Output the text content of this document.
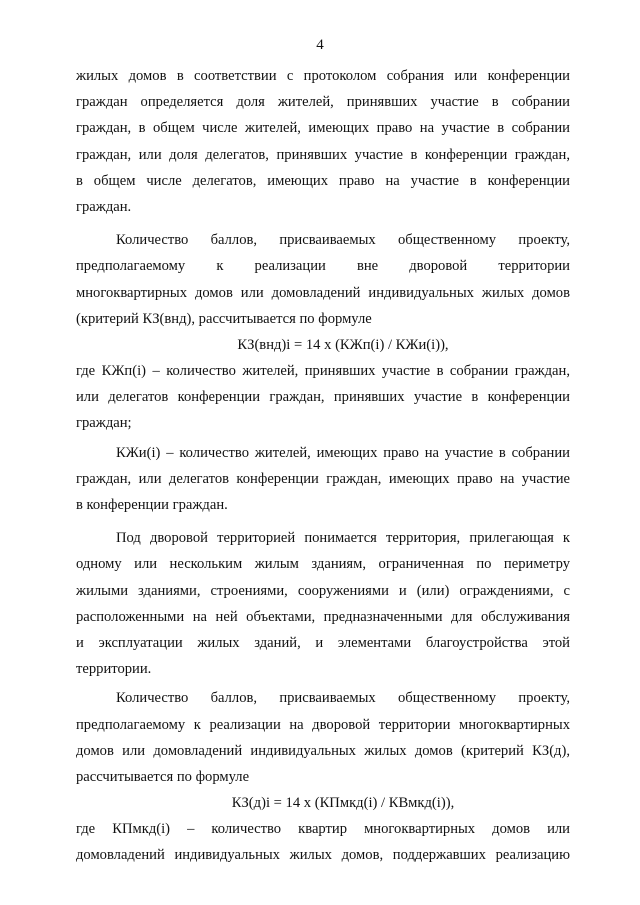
4
жилых домов в соответствии с протоколом собрания или конференции
граждан определяется доля жителей, принявших участие в собрании
граждан, в общем числе жителей, имеющих право на участие в собрании
граждан, или доля делегатов, принявших участие в конференции граждан,
в общем числе делегатов, имеющих право на участие в конференции
граждан.
Количество баллов, присваиваемых общественному проекту,
предполагаемому к реализации вне дворовой территории
многоквартирных домов или домовладений индивидуальных жилых домов
(критерий КЗ(внд), рассчитывается по формуле
КЗ(внд)i = 14 x (КЖп(i) / КЖи(i)),
где КЖп(i) – количество жителей, принявших участие в собрании граждан,
или делегатов конференции граждан, принявших участие в конференции
граждан;
КЖи(i) – количество жителей, имеющих право на участие в собрании
граждан, или делегатов конференции граждан, имеющих право на участие
в конференции граждан.
Под дворовой территорией понимается территория, прилегающая к
одному или нескольким жилым зданиям, ограниченная по периметру
жилыми зданиями, строениями, сооружениями и (или) ограждениями, с
расположенными на ней объектами, предназначенными для обслуживания
и эксплуатации жилых зданий, и элементами благоустройства этой
территории.
Количество баллов, присваиваемых общественному проекту,
предполагаемому к реализации на дворовой территории многоквартирных
домов или домовладений индивидуальных жилых домов (критерий КЗ(д),
рассчитывается по формуле
КЗ(д)i = 14 x (КПмкд(i) / КВмкд(i)),
где КПмкд(i) – количество квартир многоквартирных домов или
домовладений индивидуальных жилых домов, поддержавших реализацию
